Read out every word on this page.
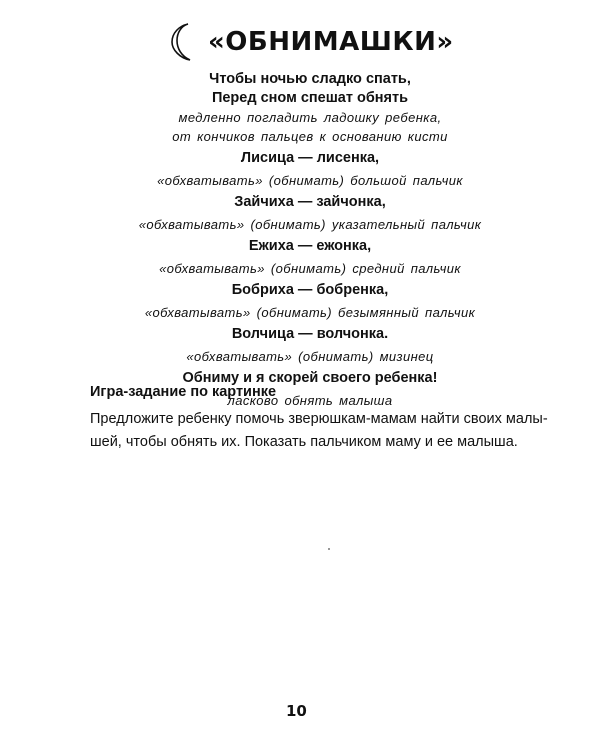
«ОБНИМАШКИ»
Чтобы ночью сладко спать,
Перед сном спешат обнять
медленно погладить ладошку ребенка,
от кончиков пальцев к основанию кисти
Лисица — лисенка,
«обхватывать» (обнимать) большой пальчик
Зайчиха — зайчонка,
«обхватывать» (обнимать) указательный пальчик
Ежиха — ежонка,
«обхватывать» (обнимать) средний пальчик
Бобриха — бобренка,
«обхватывать» (обнимать) безымянный пальчик
Волчица — волчонка.
«обхватывать» (обнимать) мизинец
Обниму и я скорей своего ребенка!
ласково обнять малыша
Игра-задание по картинке
Предложите ребенку помочь зверюшкам-мамам найти своих малы-
шей, чтобы обнять их. Показать пальчиком маму и ее малыша.
10
